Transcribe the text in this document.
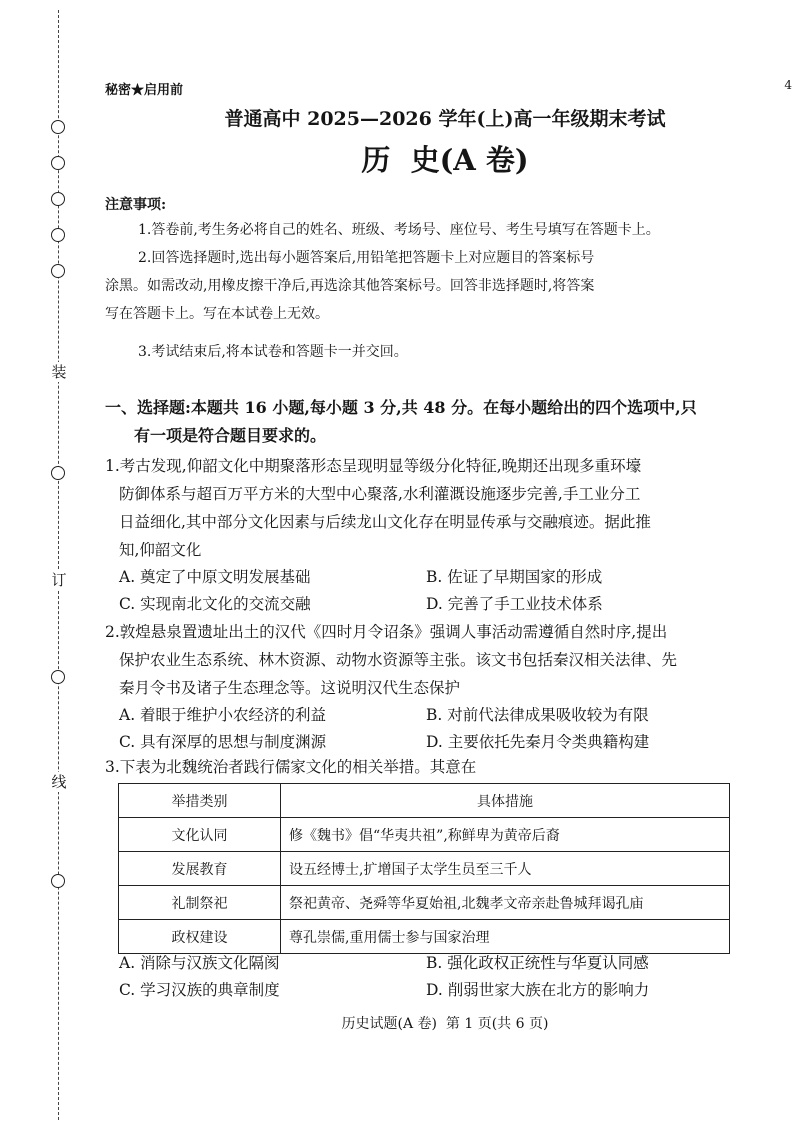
装
订
线
4
秘密★启用前
普通高中 2025—2026 学年(上)高一年级期末考试
历  史(A 卷)
注意事项:
1.答卷前,考生务必将自己的姓名、班级、考场号、座位号、考生号填写在答题卡上。
2.回答选择题时,选出每小题答案后,用铅笔把答题卡上对应题目的答案标号
涂黑。如需改动,用橡皮擦干净后,再选涂其他答案标号。回答非选择题时,将答案
写在答题卡上。写在本试卷上无效。
3.考试结束后,将本试卷和答题卡一并交回。
一、选择题:本题共 16 小题,每小题 3 分,共 48 分。在每小题给出的四个选项中,只
有一项是符合题目要求的。
1.考古发现,仰韶文化中期聚落形态呈现明显等级分化特征,晚期还出现多重环壕
防御体系与超百万平方米的大型中心聚落,水利灌溉设施逐步完善,手工业分工
日益细化,其中部分文化因素与后续龙山文化存在明显传承与交融痕迹。据此推
知,仰韶文化
A. 奠定了中原文明发展基础	B. 佐证了早期国家的形成
C. 实现南北文化的交流交融	D. 完善了手工业技术体系
2.敦煌悬泉置遗址出土的汉代《四时月令诏条》强调人事活动需遵循自然时序,提出
保护农业生态系统、林木资源、动物水资源等主张。该文书包括秦汉相关法律、先
秦月令书及诸子生态理念等。这说明汉代生态保护
A. 着眼于维护小农经济的利益	B. 对前代法律成果吸收较为有限
C. 具有深厚的思想与制度渊源	D. 主要依托先秦月令类典籍构建
3.下表为北魏统治者践行儒家文化的相关举措。其意在
举措类别	具体措施
文化认同	修《魏书》倡“华夷共祖”,称鲜卑为黄帝后裔
发展教育	设五经博士,扩增国子太学生员至三千人
礼制祭祀	祭祀黄帝、尧舜等华夏始祖,北魏孝文帝亲赴鲁城拜谒孔庙
政权建设	尊孔崇儒,重用儒士参与国家治理
A. 消除与汉族文化隔阂	B. 强化政权正统性与华夏认同感
C. 学习汉族的典章制度	D. 削弱世家大族在北方的影响力
历史试题(A 卷)  第 1 页(共 6 页)
